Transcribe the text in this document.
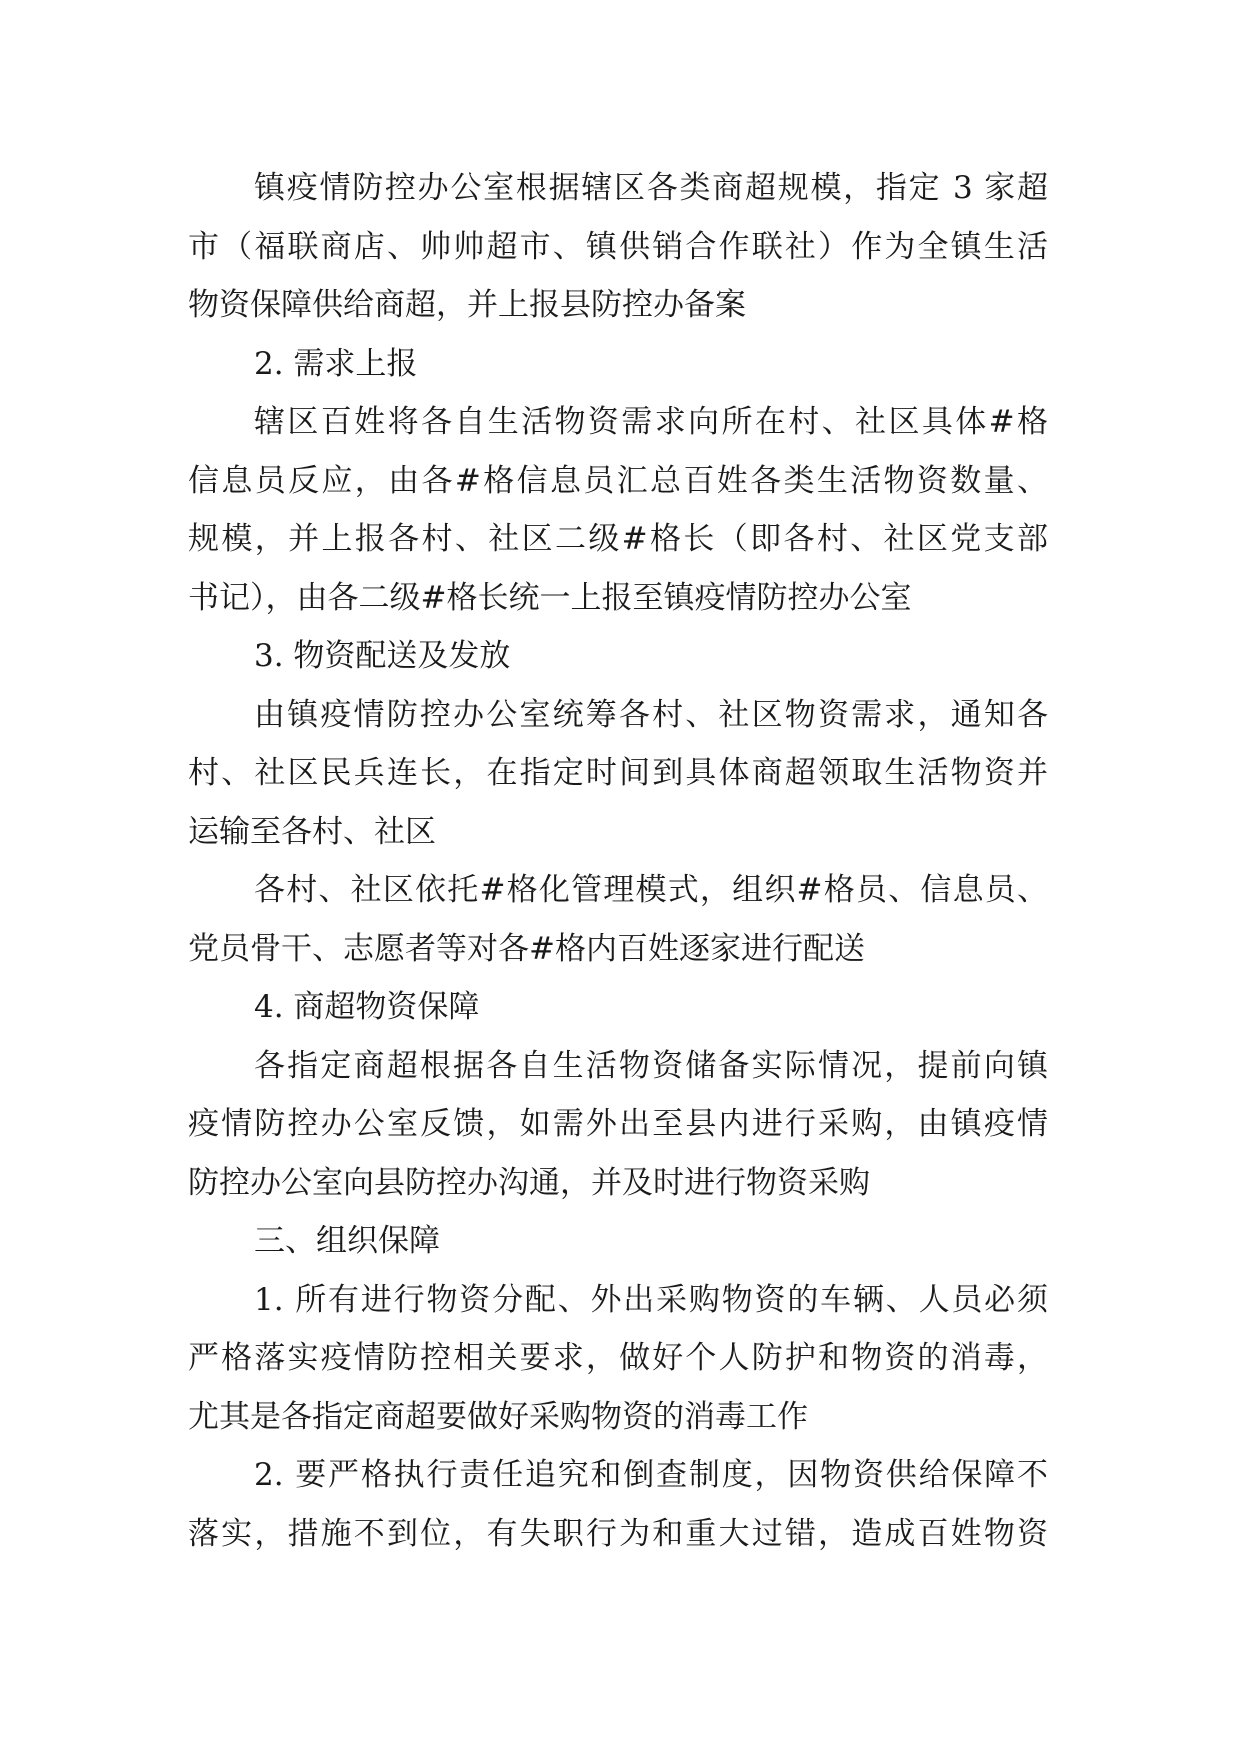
镇疫情防控办公室根据辖区各类商超规模，指定 3 家超
市（福联商店、帅帅超市、镇供销合作联社）作为全镇生活
物资保障供给商超，并上报县防控办备案
2. 需求上报
辖区百姓将各自生活物资需求向所在村、社区具体#格
信息员反应，由各#格信息员汇总百姓各类生活物资数量、
规模，并上报各村、社区二级#格长（即各村、社区党支部
书记），由各二级#格长统一上报至镇疫情防控办公室
3. 物资配送及发放
由镇疫情防控办公室统筹各村、社区物资需求，通知各
村、社区民兵连长，在指定时间到具体商超领取生活物资并
运输至各村、社区
各村、社区依托#格化管理模式，组织#格员、信息员、
党员骨干、志愿者等对各#格内百姓逐家进行配送
4. 商超物资保障
各指定商超根据各自生活物资储备实际情况，提前向镇
疫情防控办公室反馈，如需外出至县内进行采购，由镇疫情
防控办公室向县防控办沟通，并及时进行物资采购
三、组织保障
1. 所有进行物资分配、外出采购物资的车辆、人员必须
严格落实疫情防控相关要求，做好个人防护和物资的消毒，
尤其是各指定商超要做好采购物资的消毒工作
2. 要严格执行责任追究和倒查制度，因物资供给保障不
落实，措施不到位，有失职行为和重大过错，造成百姓物资
